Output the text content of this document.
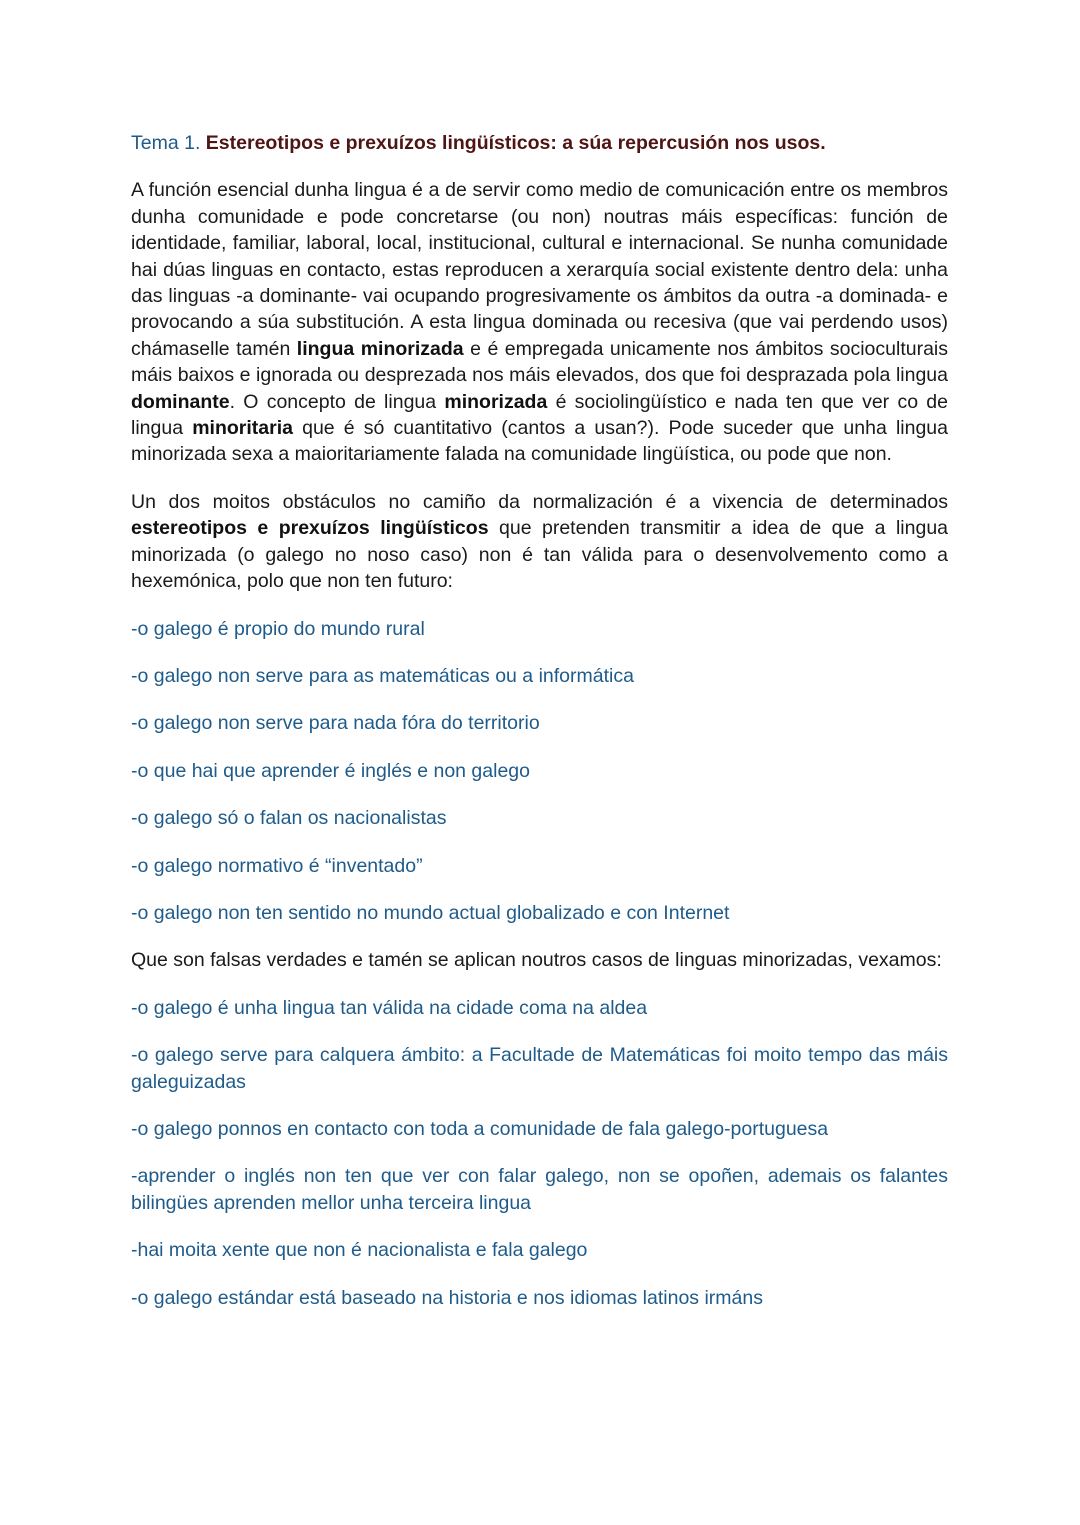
Tema 1. Estereotipos e prexuízos lingüísticos: a súa repercusión nos usos.

A función esencial dunha lingua é a de servir como medio de comunicación entre os membros dunha comunidade e pode concretarse (ou non) noutras máis específicas: función de identidade, familiar, laboral, local, institucional, cultural e internacional. Se nunha comunidade hai dúas linguas en contacto, estas reproducen a xerarquía social existente dentro dela: unha das linguas -a dominante- vai ocupando progresivamente os ámbitos da outra -a dominada- e provocando a súa substitución. A esta lingua dominada ou recesiva (que vai perdendo usos) chámaselle tamén lingua minorizada e é empregada unicamente nos ámbitos socioculturais máis baixos e ignorada ou desprezada nos máis elevados, dos que foi desprazada pola lingua dominante. O concepto de lingua minorizada é sociolingüístico e nada ten que ver co de lingua minoritaria que é só cuantitativo (cantos a usan?). Pode suceder que unha lingua minorizada sexa a maioritariamente falada na comunidade lingüística, ou pode que non.

Un dos moitos obstáculos no camiño da normalización é a vixencia de determinados estereotipos e prexuízos lingüísticos que pretenden transmitir a idea de que a lingua minorizada (o galego no noso caso) non é tan válida para o desenvolvemento como a hexemónica, polo que non ten futuro:

-o galego é propio do mundo rural

-o galego non serve para as matemáticas ou a informática

-o galego non serve para nada fóra do territorio

-o que hai que aprender é inglés e non galego

-o galego só o falan os nacionalistas

-o galego normativo é “inventado”

-o galego non ten sentido no mundo actual globalizado e con Internet

Que son falsas verdades e tamén se aplican noutros casos de linguas minorizadas, vexamos:

-o galego é unha lingua tan válida na cidade coma na aldea

-o galego serve para calquera ámbito: a Facultade de Matemáticas foi moito tempo das máis galeguizadas

-o galego ponnos en contacto con toda a comunidade de fala galego-portuguesa

-aprender o inglés non ten que ver con falar galego, non se opoñen, ademais os falantes bilingües aprenden mellor unha terceira lingua

-hai moita xente que non é nacionalista e fala galego

-o galego estándar está baseado na historia e nos idiomas latinos irmáns
